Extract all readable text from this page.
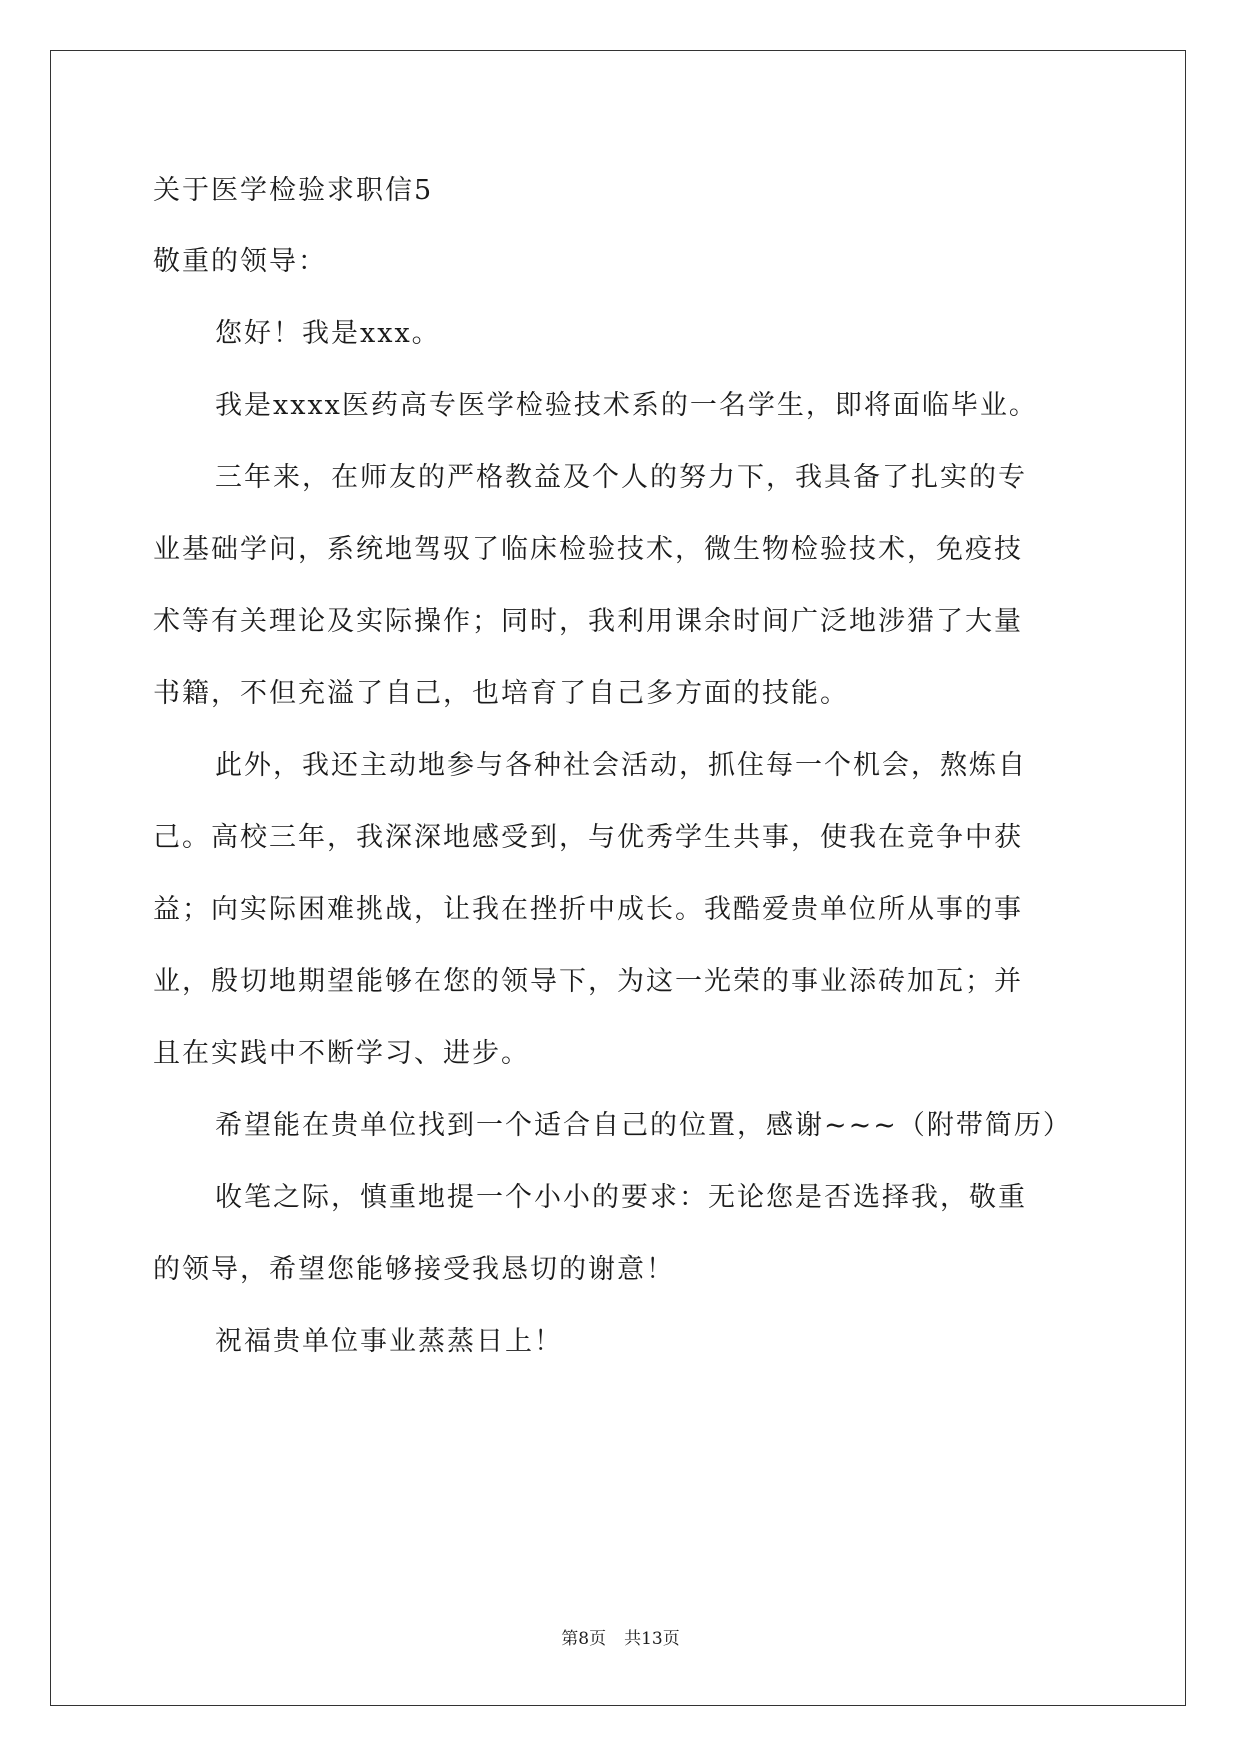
关于医学检验求职信5
敬重的领导：
您好！我是xxx。
我是xxxx医药高专医学检验技术系的一名学生，即将面临毕业。
三年来，在师友的严格教益及个人的努力下，我具备了扎实的专
业基础学问，系统地驾驭了临床检验技术，微生物检验技术，免疫技
术等有关理论及实际操作；同时，我利用课余时间广泛地涉猎了大量
书籍，不但充溢了自己，也培育了自己多方面的技能。
此外，我还主动地参与各种社会活动，抓住每一个机会，熬炼自
己。高校三年，我深深地感受到，与优秀学生共事，使我在竞争中获
益；向实际困难挑战，让我在挫折中成长。我酷爱贵单位所从事的事
业，殷切地期望能够在您的领导下，为这一光荣的事业添砖加瓦；并
且在实践中不断学习、进步。
希望能在贵单位找到一个适合自己的位置，感谢~~~（附带简历）
收笔之际，慎重地提一个小小的要求：无论您是否选择我，敬重
的领导，希望您能够接受我恳切的谢意！
祝福贵单位事业蒸蒸日上！
第8页 共13页
